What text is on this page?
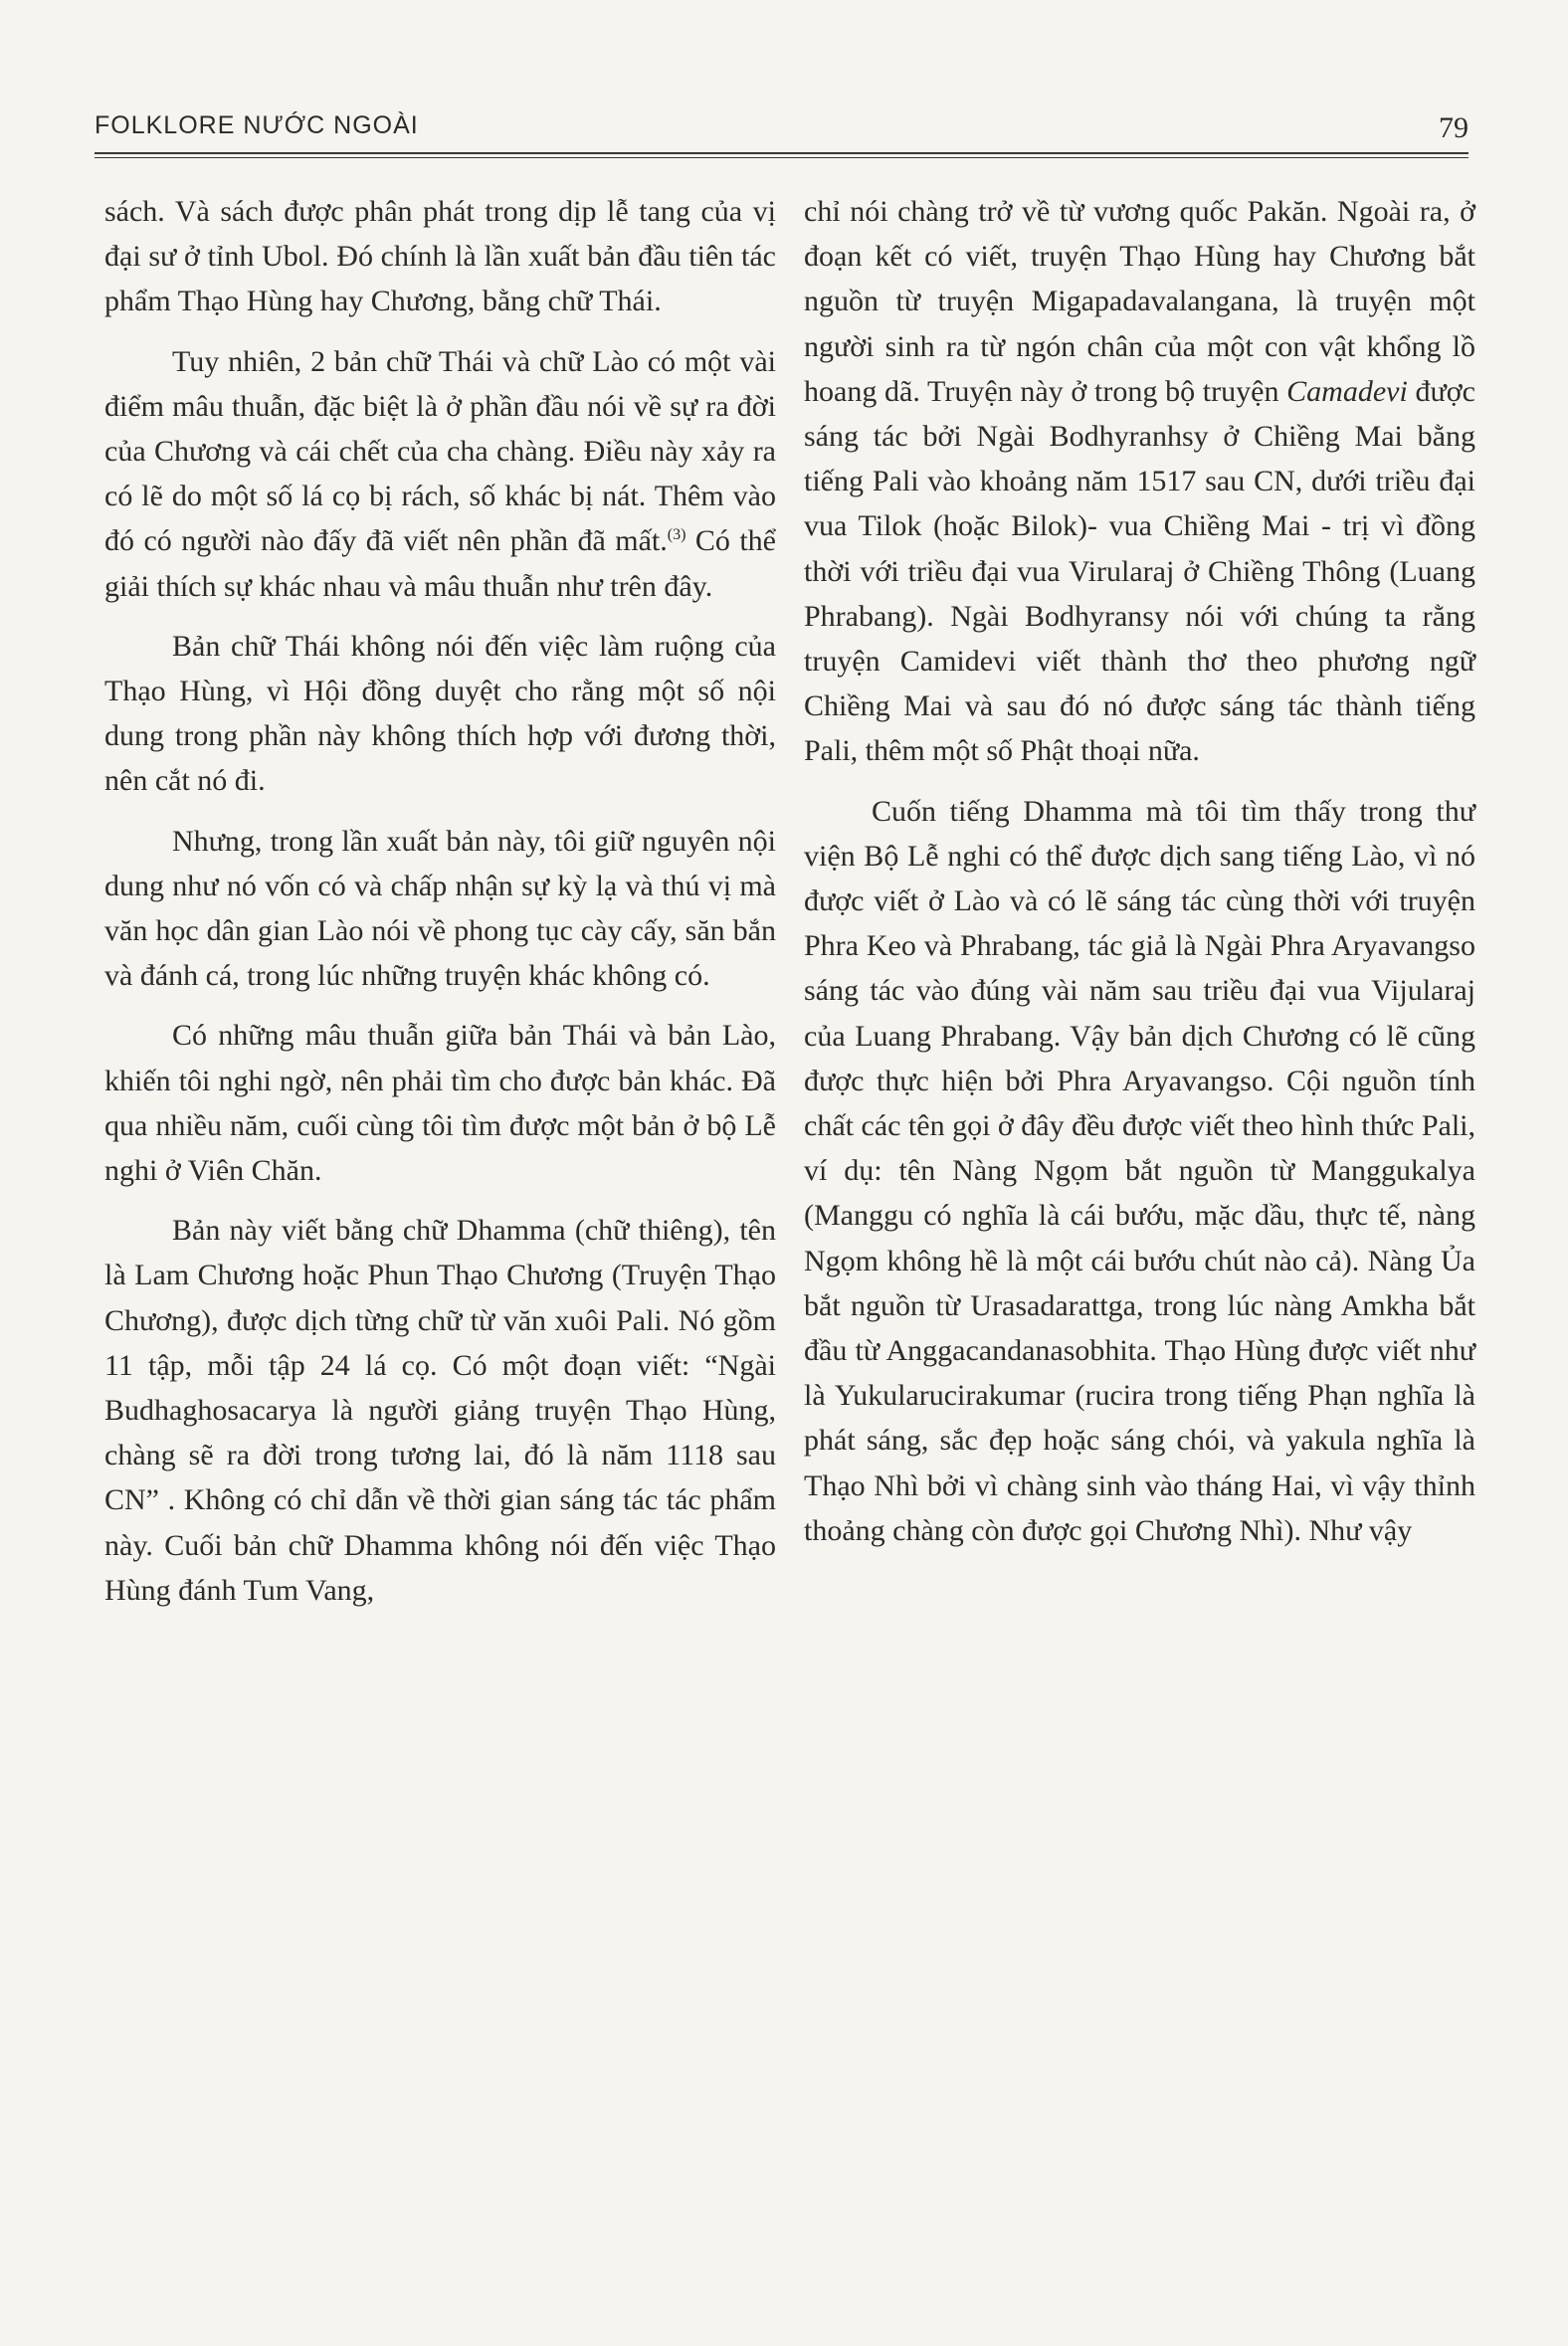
FOLKLORE NƯỚC NGOÀI	79

sách. Và sách được phân phát trong dịp lễ tang của vị đại sư ở tỉnh Ubol. Đó chính là lần xuất bản đầu tiên tác phẩm Thạo Hùng hay Chương, bằng chữ Thái.

Tuy nhiên, 2 bản chữ Thái và chữ Lào có một vài điểm mâu thuẫn, đặc biệt là ở phần đầu nói về sự ra đời của Chương và cái chết của cha chàng. Điều này xảy ra có lẽ do một số lá cọ bị rách, số khác bị nát. Thêm vào đó có người nào đấy đã viết nên phần đã mất.$^{(3)}$ Có thể giải thích sự khác nhau và mâu thuẫn như trên đây.

Bản chữ Thái không nói đến việc làm ruộng của Thạo Hùng, vì Hội đồng duyệt cho rằng một số nội dung trong phần này không thích hợp với đương thời, nên cắt nó đi.

Nhưng, trong lần xuất bản này, tôi giữ nguyên nội dung như nó vốn có và chấp nhận sự kỳ lạ và thú vị mà văn học dân gian Lào nói về phong tục cày cấy, săn bắn và đánh cá, trong lúc những truyện khác không có.

Có những mâu thuẫn giữa bản Thái và bản Lào, khiến tôi nghi ngờ, nên phải tìm cho được bản khác. Đã qua nhiều năm, cuối cùng tôi tìm được một bản ở bộ Lễ nghi ở Viên Chăn.

Bản này viết bằng chữ Dhamma (chữ thiêng), tên là Lam Chương hoặc Phun Thạo Chương (Truyện Thạo Chương), được dịch từng chữ từ văn xuôi Pali. Nó gồm 11 tập, mỗi tập 24 lá cọ. Có một đoạn viết: “Ngài Budhaghosacarya là người giảng truyện Thạo Hùng, chàng sẽ ra đời trong tương lai, đó là năm 1118 sau CN” . Không có chỉ dẫn về thời gian sáng tác tác phẩm này. Cuối bản chữ Dhamma không nói đến việc Thạo Hùng đánh Tum Vang,

chỉ nói chàng trở về từ vương quốc Pakăn. Ngoài ra, ở đoạn kết có viết, truyện Thạo Hùng hay Chương bắt nguồn từ truyện Migapadavalangana, là truyện một người sinh ra từ ngón chân của một con vật khổng lồ hoang dã. Truyện này ở trong bộ truyện Camadevi được sáng tác bởi Ngài Bodhyranhsy ở Chiềng Mai bằng tiếng Pali vào khoảng năm 1517 sau CN, dưới triều đại vua Tilok (hoặc Bilok)- vua Chiềng Mai - trị vì đồng thời với triều đại vua Virularaj ở Chiềng Thông (Luang Phrabang). Ngài Bodhyransy nói với chúng ta rằng truyện Camidevi viết thành thơ theo phương ngữ Chiềng Mai và sau đó nó được sáng tác thành tiếng Pali, thêm một số Phật thoại nữa.

Cuốn tiếng Dhamma mà tôi tìm thấy trong thư viện Bộ Lễ nghi có thể được dịch sang tiếng Lào, vì nó được viết ở Lào và có lẽ sáng tác cùng thời với truyện Phra Keo và Phrabang, tác giả là Ngài Phra Aryavangso sáng tác vào đúng vài năm sau triều đại vua Vijularaj của Luang Phrabang. Vậy bản dịch Chương có lẽ cũng được thực hiện bởi Phra Aryavangso. Cội nguồn tính chất các tên gọi ở đây đều được viết theo hình thức Pali, ví dụ: tên Nàng Ngọm bắt nguồn từ Manggukalya (Manggu có nghĩa là cái bướu, mặc dầu, thực tế, nàng Ngọm không hề là một cái bướu chút nào cả). Nàng Ủa bắt nguồn từ Urasadarattga, trong lúc nàng Amkha bắt đầu từ Anggacandanasobhita. Thạo Hùng được viết như là Yukularucirakumar (rucira trong tiếng Phạn nghĩa là phát sáng, sắc đẹp hoặc sáng chói, và yakula nghĩa là Thạo Nhì bởi vì chàng sinh vào tháng Hai, vì vậy thỉnh thoảng chàng còn được gọi Chương Nhì). Như vậy
